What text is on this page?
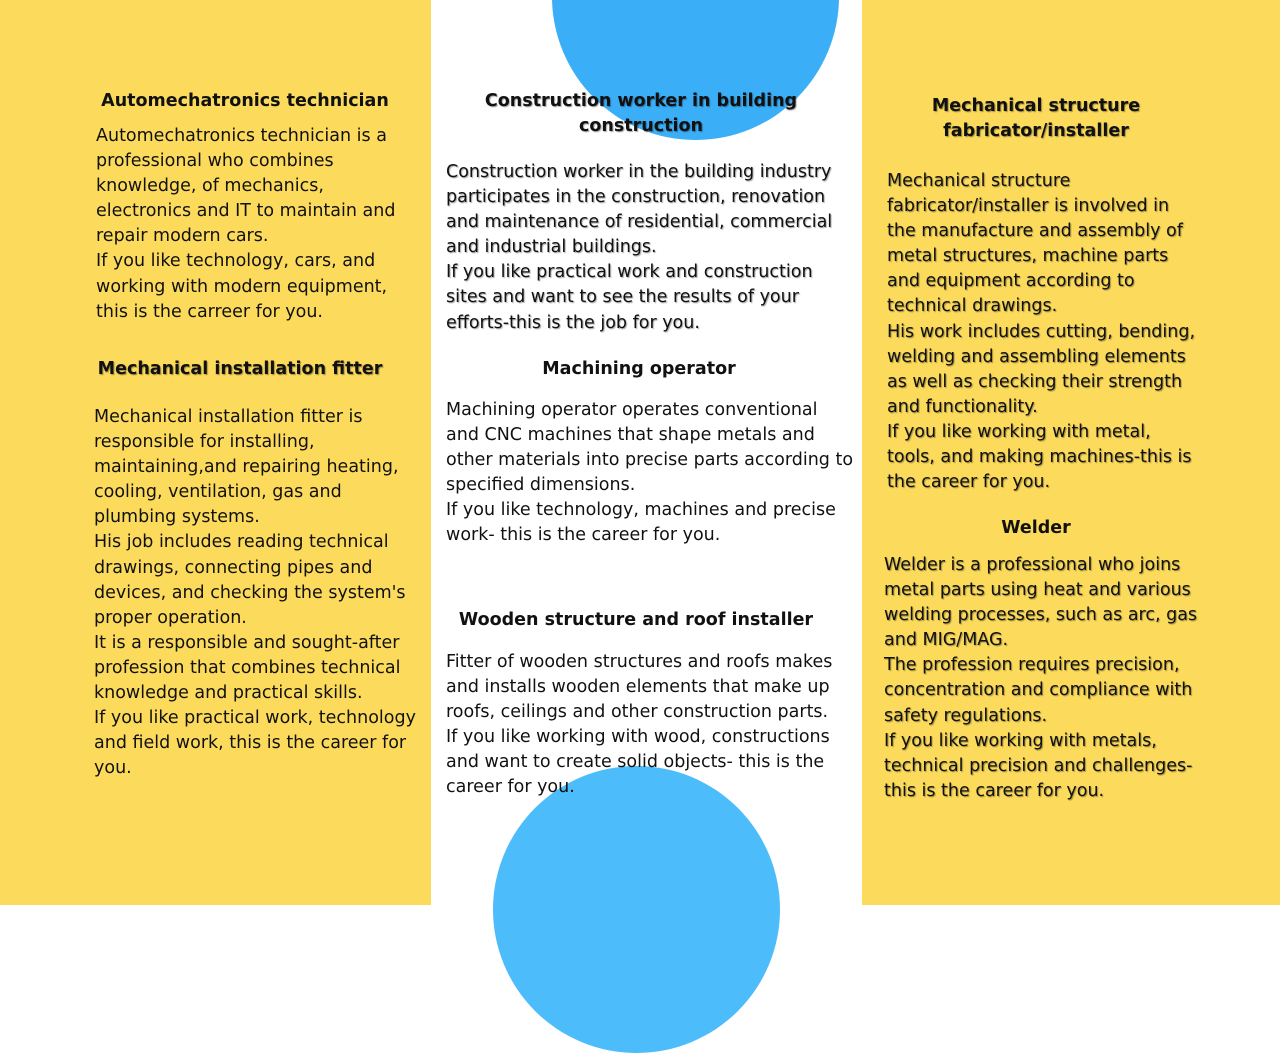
Automechatronics technician
Automechatronics technician is a
professional who combines
knowledge, of mechanics,
electronics and IT to maintain and
repair modern cars.
If you like technology, cars, and
working with modern equipment,
this is the carreer for you.
Mechanical installation fitter
Mechanical installation fitter is
responsible for installing,
maintaining,and repairing heating,
cooling, ventilation, gas and
plumbing systems.
His job includes reading technical
drawings, connecting pipes and
devices, and checking the system's
proper operation.
It is a responsible and sought-after
profession that combines technical
knowledge and practical skills.
If you like practical work, technology
and field work, this is the career for
you.
Construction worker in building
construction
Construction worker in the building industry
participates in the construction, renovation
and maintenance of residential, commercial
and industrial buildings.
If you like practical work and construction
sites and want to see the results of your
efforts-this is the job for you.
Machining operator
Machining operator operates conventional
and CNC machines that shape metals and
other materials into precise parts according to
specified dimensions.
If you like technology, machines and precise
work- this is the career for you.
Wooden structure and roof installer
Fitter of wooden structures and roofs makes
and installs wooden elements that make up
roofs, ceilings and other construction parts.
If you like working with wood, constructions
and want to create solid objects- this is the
career for you.
Mechanical structure
fabricator/installer
Mechanical structure
fabricator/installer is involved in
the manufacture and assembly of
metal structures, machine parts
and equipment according to
technical drawings.
His work includes cutting, bending,
welding and assembling elements
as well as checking their strength
and functionality.
If you like working with metal,
tools, and making machines-this is
the career for you.
Welder
Welder is a professional who joins
metal parts using heat and various
welding processes, such as arc, gas
and MIG/MAG.
The profession requires precision,
concentration and compliance with
safety regulations.
If you like working with metals,
technical precision and challenges-
this is the career for you.
